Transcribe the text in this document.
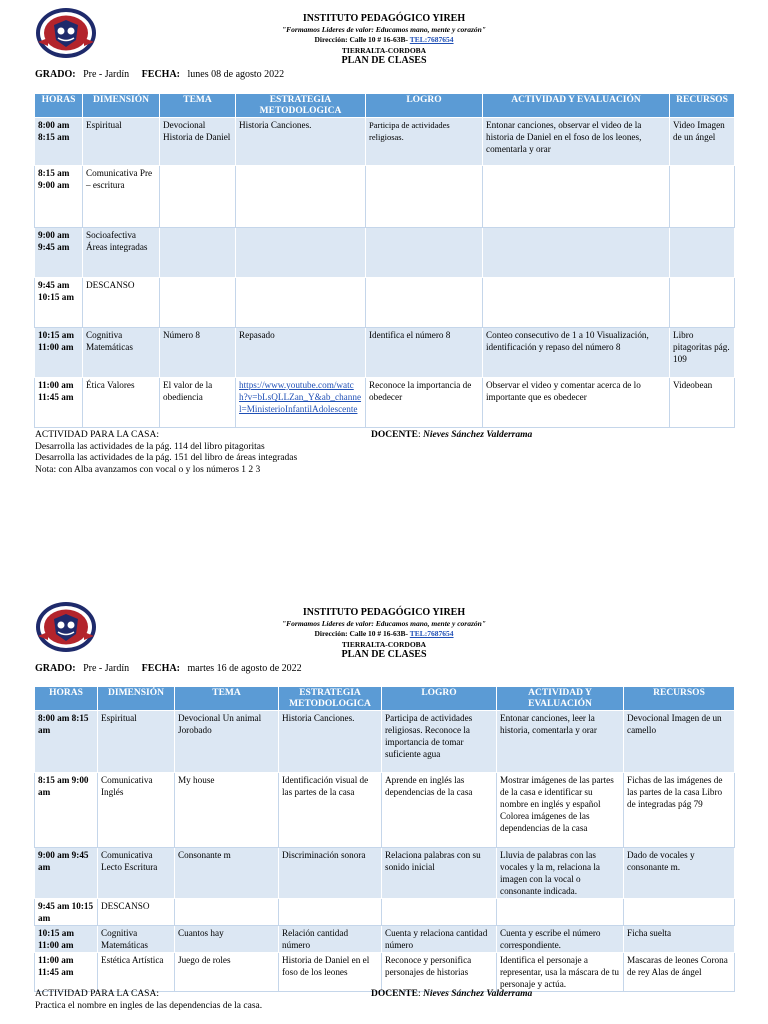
INSTITUTO PEDAGÓGICO YIREH
"Formamos Líderes de valor: Educamos mano, mente y corazón"
Dirección: Calle 10 # 16-63B- TEL:7687654
TIERRALTA-CORDOBA
PLAN DE CLASES
GRADO: Pre - Jardín FECHA: lunes 08 de agosto 2022
HORAS	DIMENSIÓN	TEMA	ESTRATEGIA METODOLOGICA	LOGRO	ACTIVIDAD Y EVALUACIÓN	RECURSOS
8:00 am 8:15 am	Espiritual	Devocional Historia de Daniel	Historia Canciones.	Participa de actividades religiosas.	Entonar canciones, observar el video de la historia de Daniel en el foso de los leones, comentarla y orar	Video Imagen de un ángel
8:15 am 9:00 am	Comunicativa Pre – escritura					
9:00 am 9:45 am	Socioafectiva Áreas integradas					
9:45 am 10:15 am	DESCANSO					
10:15 am 11:00 am	Cognitiva Matemáticas	Número 8	Repasado	Identifica el número 8	Conteo consecutivo de 1 a 10 Visualización, identificación y repaso del número 8	Libro pitagoritas pág. 109
11:00 am 11:45 am	Ética Valores	El valor de la obediencia	https://www.youtube.com/watch?v=bLsQLLZan_Y&ab_channel=MinisterioInfantilAdolescente	Reconoce la importancia de obedecer	Observar el video y comentar acerca de lo importante que es obedecer	Videobean
ACTIVIDAD PARA LA CASA:	DOCENTE: Nieves Sánchez Valderrama
Desarrolla las actividades de la pág. 114 del libro pitagoritas
Desarrolla las actividades de la pág. 151 del libro de áreas integradas
Nota: con Alba avanzamos con vocal o y los números 1 2 3
INSTITUTO PEDAGÓGICO YIREH
"Formamos Líderes de valor: Educamos mano, mente y corazón"
Dirección: Calle 10 # 16-63B- TEL:7687654
TIERRALTA-CORDOBA
PLAN DE CLASES
GRADO: Pre - Jardín FECHA: martes 16 de agosto de 2022
HORAS	DIMENSIÓN	TEMA	ESTRATEGIA METODOLOGICA	LOGRO	ACTIVIDAD Y EVALUACIÓN	RECURSOS
8:00 am 8:15 am	Espiritual	Devocional Un animal Jorobado	Historia Canciones.	Participa de actividades religiosas. Reconoce la importancia de tomar suficiente agua	Entonar canciones, leer la historia, comentarla y orar	Devocional Imagen de un camello
8:15 am 9:00 am	Comunicativa Inglés	My house	Identificación visual de las partes de la casa	Aprende en inglés las dependencias de la casa	Mostrar imágenes de las partes de la casa e identificar su nombre en inglés y español Colorea imágenes de las dependencias de la casa	Fichas de las imágenes de las partes de la casa Libro de integradas pág 79
9:00 am 9:45 am	Comunicativa Lecto Escritura	Consonante m	Discriminación sonora	Relaciona palabras con su sonido inicial	Lluvia de palabras con las vocales y la m, relaciona la imagen con la vocal o consonante indicada.	Dado de vocales y consonante m.
9:45 am 10:15 am	DESCANSO					
10:15 am 11:00 am	Cognitiva Matemáticas	Cuantos hay	Relación cantidad número	Cuenta y relaciona cantidad número	Cuenta y escribe el número correspondiente.	Ficha suelta
11:00 am 11:45 am	Estética Artística	Juego de roles	Historia de Daniel en el foso de los leones	Reconoce y personifica personajes de historias	Identifica el personaje a representar, usa la máscara de tu personaje y actúa.	Mascaras de leones Corona de rey Alas de ángel
ACTIVIDAD PARA LA CASA:	DOCENTE: Nieves Sánchez Valderrama
Practica el nombre en ingles de las dependencias de la casa.
